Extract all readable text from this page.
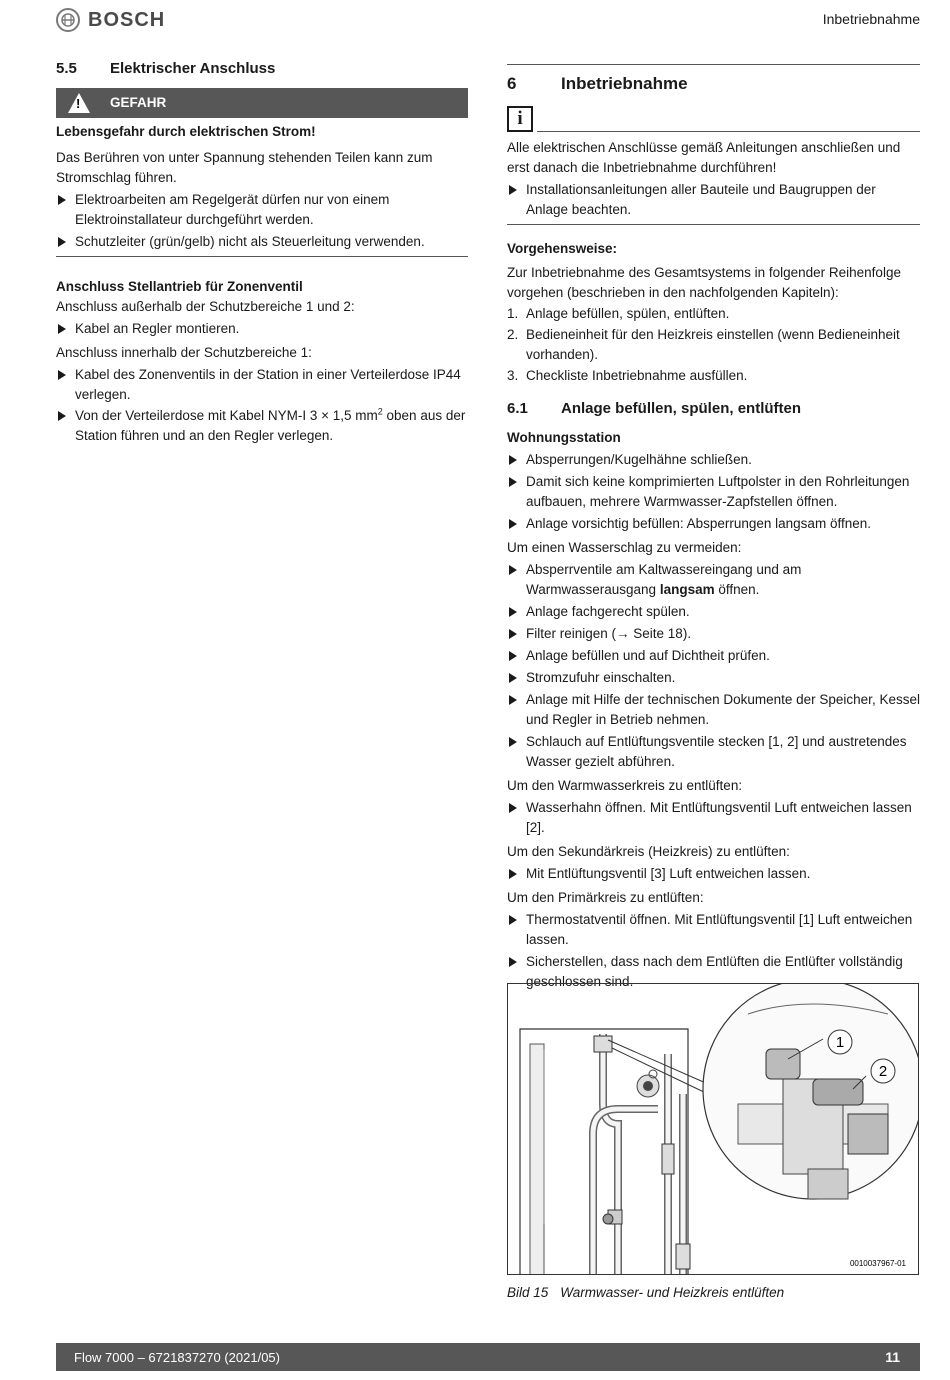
BOSCH	Inbetriebnahme
5.5	Elektrischer Anschluss
! GEFAHR

Lebensgefahr durch elektrischen Strom!

Das Berühren von unter Spannung stehenden Teilen kann zum Stromschlag führen.

Elektroarbeiten am Regelgerät dürfen nur von einem Elektroinstallateur durchgeführt werden.
Schutzleiter (grün/gelb) nicht als Steuerleitung verwenden.

Anschluss Stellantrieb für Zonenventil

Anschluss außerhalb der Schutzbereiche 1 und 2:

Kabel an Regler montieren.

Anschluss innerhalb der Schutzbereiche 1:

Kabel des Zonenventils in der Station in einer Verteilerdose IP44 verlegen.
Von der Verteilerdose mit Kabel NYM-I 3 × 1,5 $mm^2$ oben aus der Station führen und an den Regler verlegen.
6	Inbetriebnahme
i

Alle elektrischen Anschlüsse gemäß Anleitungen anschließen und erst danach die Inbetriebnahme durchführen!

Installationsanleitungen aller Bauteile und Baugruppen der Anlage beachten.

Vorgehensweise:

Zur Inbetriebnahme des Gesamtsystems in folgender Reihenfolge vorgehen (beschrieben in den nachfolgenden Kapiteln):

1. Anlage befüllen, spülen, entlüften.
2. Bedieneinheit für den Heizkreis einstellen (wenn Bedieneinheit vorhanden).
3. Checkliste Inbetriebnahme ausfüllen.
6.1	Anlage befüllen, spülen, entlüften

Wohnungsstation

Absperrungen/Kugelhähne schließen.
Damit sich keine komprimierten Luftpolster in den Rohrleitungen aufbauen, mehrere Warmwasser-Zapfstellen öffnen.
Anlage vorsichtig befüllen: Absperrungen langsam öffnen.

Um einen Wasserschlag zu vermeiden:

Absperrventile am Kaltwassereingang und am Warmwasserausgang langsam öffnen.
Anlage fachgerecht spülen.
Filter reinigen (→ Seite 18).
Anlage befüllen und auf Dichtheit prüfen.
Stromzufuhr einschalten.
Anlage mit Hilfe der technischen Dokumente der Speicher, Kessel und Regler in Betrieb nehmen.
Schlauch auf Entlüftungsventile stecken [1, 2] und austretendes Wasser gezielt abführen.

Um den Warmwasserkreis zu entlüften:

Wasserhahn öffnen. Mit Entlüftungsventil Luft entweichen lassen [2].

Um den Sekundärkreis (Heizkreis) zu entlüften:

Mit Entlüftungsventil [3] Luft entweichen lassen.

Um den Primärkreis zu entlüften:

Thermostatventil öffnen. Mit Entlüftungsventil [1] Luft entweichen lassen.
Sicherstellen, dass nach dem Entlüften die Entlüfter vollständig geschlossen sind.
1
2
0010037967-01
Bild 15 Warmwasser- und Heizkreis entlüften
Flow 7000 – 6721837270 (2021/05)	11
